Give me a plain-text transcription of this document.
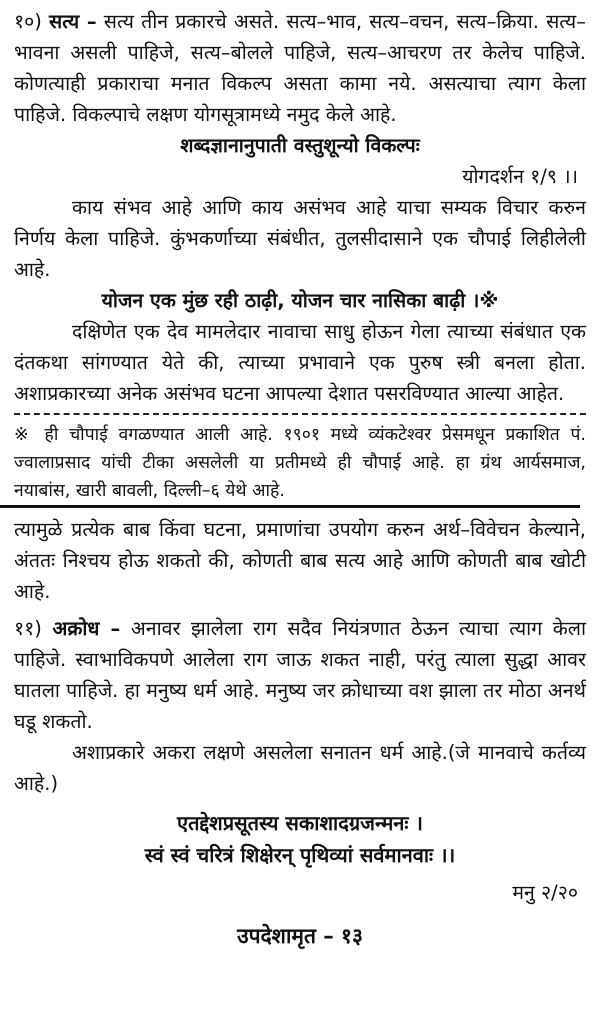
१०) सत्य – सत्य तीन प्रकारचे असते. सत्य–भाव, सत्य–वचन, सत्य–क्रिया. सत्य–भावना असली पाहिजे, सत्य–बोलले पाहिजे, सत्य–आचरण तर केलेच पाहिजे. कोणत्याही प्रकाराचा मनात विकल्प असता कामा नये. असत्याचा त्याग केला पाहिजे. विकल्पाचे लक्षण योगसूत्रामध्ये नमुद केले आहे.

शब्दज्ञानानुपाती वस्तुशून्यो विकल्पः

योगदर्शन १/९ ।।

काय संभव आहे आणि काय असंभव आहे याचा सम्यक विचार करुन निर्णय केला पाहिजे. कुंभकर्णाच्या संबंधीत, तुलसीदासाने एक चौपाई लिहीलेली आहे.

योजन एक मुंछ रही ठाढ़ी, योजन चार नासिका बाढ़ी ।※

दक्षिणेत एक देव मामलेदार नावाचा साधु होऊन गेला त्याच्या संबंधात एक दंतकथा सांगण्यात येते की, त्याच्या प्रभावाने एक पुरुष स्त्री बनला होता. अशाप्रकारच्या अनेक असंभव घटना आपल्या देशात पसरविण्यात आल्या आहेत.

※ ही चौपाई वगळण्यात आली आहे. १९०१ मध्ये व्यंकटेश्वर प्रेसमधून प्रकाशित पं. ज्वालाप्रसाद यांची टीका असलेली या प्रतीमध्ये ही चौपाई आहे. हा ग्रंथ आर्यसमाज, नयाबांस, खारी बावली, दिल्ली–६ येथे आहे.

त्यामुळे प्रत्येक बाब किंवा घटना, प्रमाणांचा उपयोग करुन अर्थ–विवेचन केल्याने, अंततः निश्चय होऊ शकतो की, कोणती बाब सत्य आहे आणि कोणती बाब खोटी आहे.

११) अक्रोध – अनावर झालेला राग सदैव नियंत्रणात ठेऊन त्याचा त्याग केला पाहिजे. स्वाभाविकपणे आलेला राग जाऊ शकत नाही, परंतु त्याला सुद्धा आवर घातला पाहिजे. हा मनुष्य धर्म आहे. मनुष्य जर क्रोधाच्या वश झाला तर मोठा अनर्थ घडू शकतो.

अशाप्रकारे अकरा लक्षणे असलेला सनातन धर्म आहे.(जे मानवाचे कर्तव्य आहे.)

एतद्देशप्रसूतस्य सकाशादग्रजन्मनः ।

स्वं स्वं चरित्रं शिक्षेरन् पृथिव्यां सर्वमानवाः ।।

मनु २/२०

उपदेशामृत – १३
